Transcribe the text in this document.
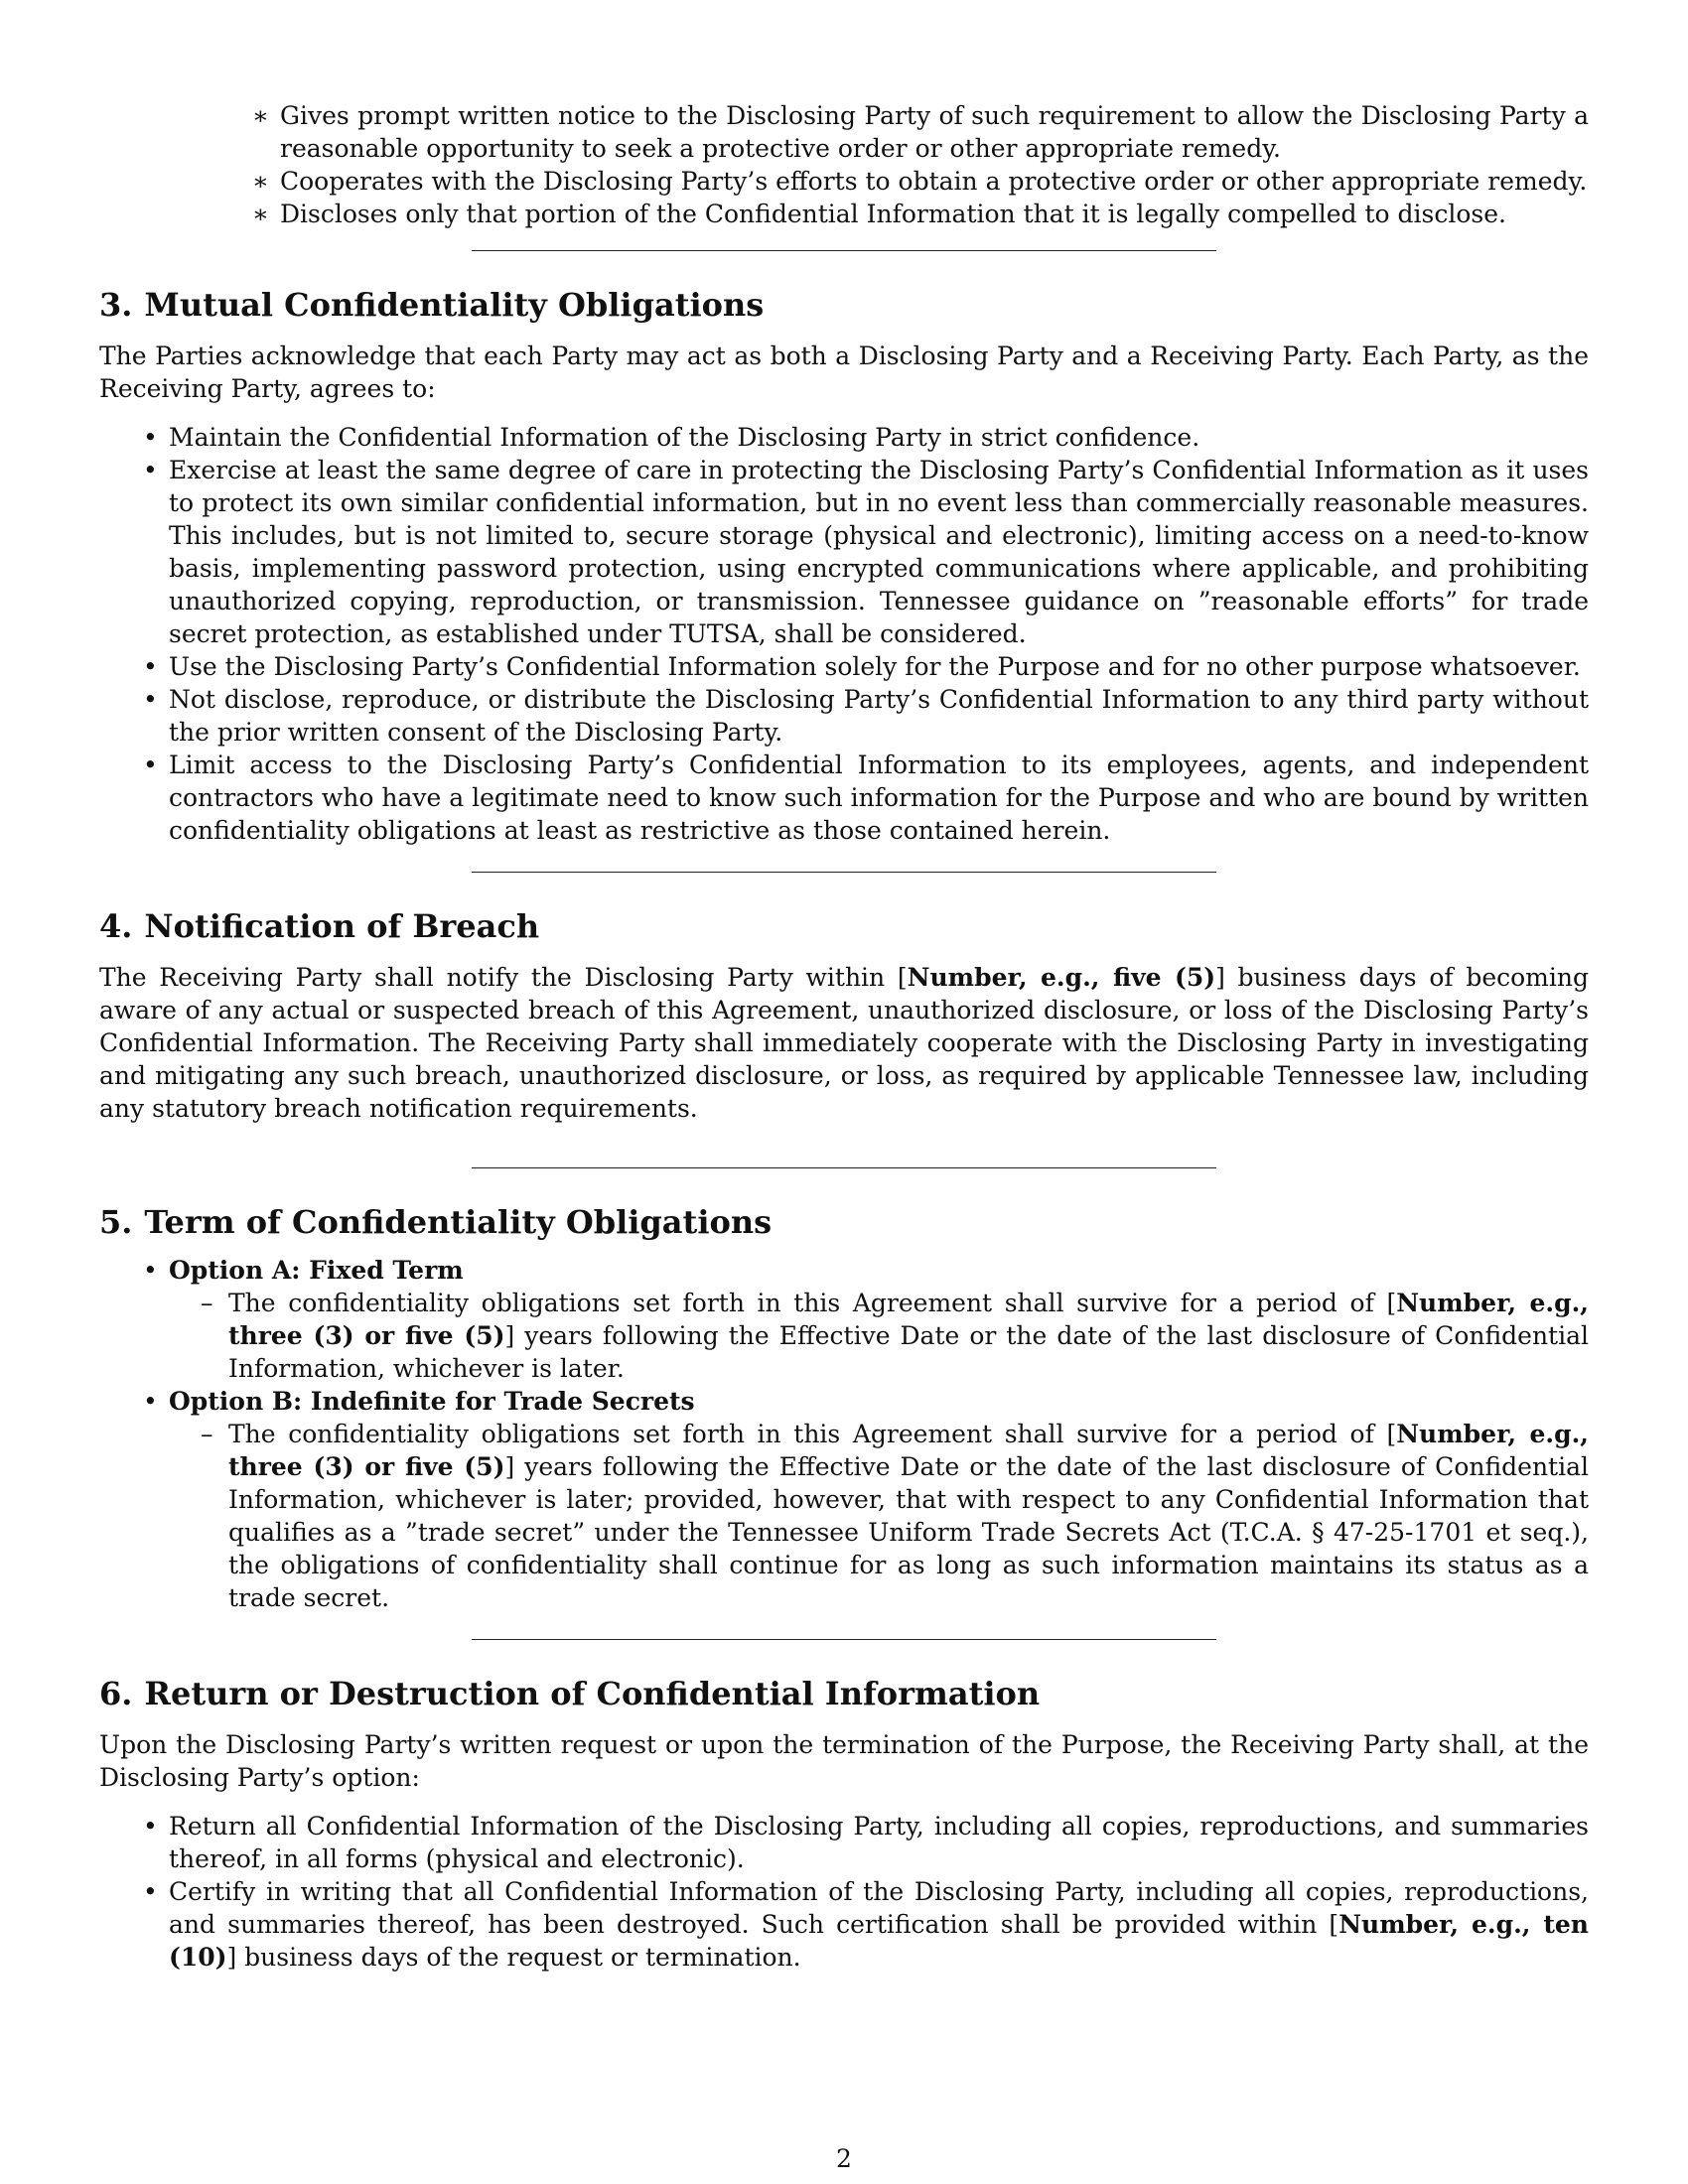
∗ Gives prompt written notice to the Disclosing Party of such requirement to allow the Disclosing Party a reasonable opportunity to seek a protective order or other appropriate remedy.
∗ Cooperates with the Disclosing Party’s efforts to obtain a protective order or other appropriate remedy.
∗ Discloses only that portion of the Confidential Information that it is legally compelled to disclose.
3. Mutual Confidentiality Obligations

The Parties acknowledge that each Party may act as both a Disclosing Party and a Receiving Party. Each Party, as the Receiving Party, agrees to:

• Maintain the Confidential Information of the Disclosing Party in strict confidence.
• Exercise at least the same degree of care in protecting the Disclosing Party’s Confidential Information as it uses to protect its own similar confidential information, but in no event less than commercially reasonable measures. This includes, but is not limited to, secure storage (physical and electronic), limiting access on a need-to-know basis, implementing password protection, using encrypted communications where applicable, and prohibiting unauthorized copying, reproduction, or transmission. Tennessee guidance on ”reasonable efforts” for trade secret protection, as established under TUTSA, shall be considered.
• Use the Disclosing Party’s Confidential Information solely for the Purpose and for no other purpose whatsoever.
• Not disclose, reproduce, or distribute the Disclosing Party’s Confidential Information to any third party without the prior written consent of the Disclosing Party.
• Limit access to the Disclosing Party’s Confidential Information to its employees, agents, and independent contractors who have a legitimate need to know such information for the Purpose and who are bound by written confidentiality obligations at least as restrictive as those contained herein.
4. Notification of Breach

The Receiving Party shall notify the Disclosing Party within [Number, e.g., five (5)] business days of becoming aware of any actual or suspected breach of this Agreement, unauthorized disclosure, or loss of the Disclosing Party’s Confidential Information. The Receiving Party shall immediately cooperate with the Disclosing Party in investigating and mitigating any such breach, unauthorized disclosure, or loss, as required by applicable Tennessee law, including any statutory breach notification requirements.

5. Term of Confidentiality Obligations
• Option A: Fixed Term
– The confidentiality obligations set forth in this Agreement shall survive for a period of [Number, e.g., three (3) or five (5)] years following the Effective Date or the date of the last disclosure of Confidential Information, whichever is later.
• Option B: Indefinite for Trade Secrets
– The confidentiality obligations set forth in this Agreement shall survive for a period of [Number, e.g., three (3) or five (5)] years following the Effective Date or the date of the last disclosure of Confidential Information, whichever is later; provided, however, that with respect to any Confidential Information that qualifies as a ”trade secret” under the Tennessee Uniform Trade Secrets Act (T.C.A. § 47-25-1701 et seq.), the obligations of confidentiality shall continue for as long as such information maintains its status as a trade secret.
6. Return or Destruction of Confidential Information

Upon the Disclosing Party’s written request or upon the termination of the Purpose, the Receiving Party shall, at the Disclosing Party’s option:

• Return all Confidential Information of the Disclosing Party, including all copies, reproductions, and summaries thereof, in all forms (physical and electronic).
• Certify in writing that all Confidential Information of the Disclosing Party, including all copies, reproductions, and summaries thereof, has been destroyed. Such certification shall be provided within [Number, e.g., ten (10)] business days of the request or termination.
2
